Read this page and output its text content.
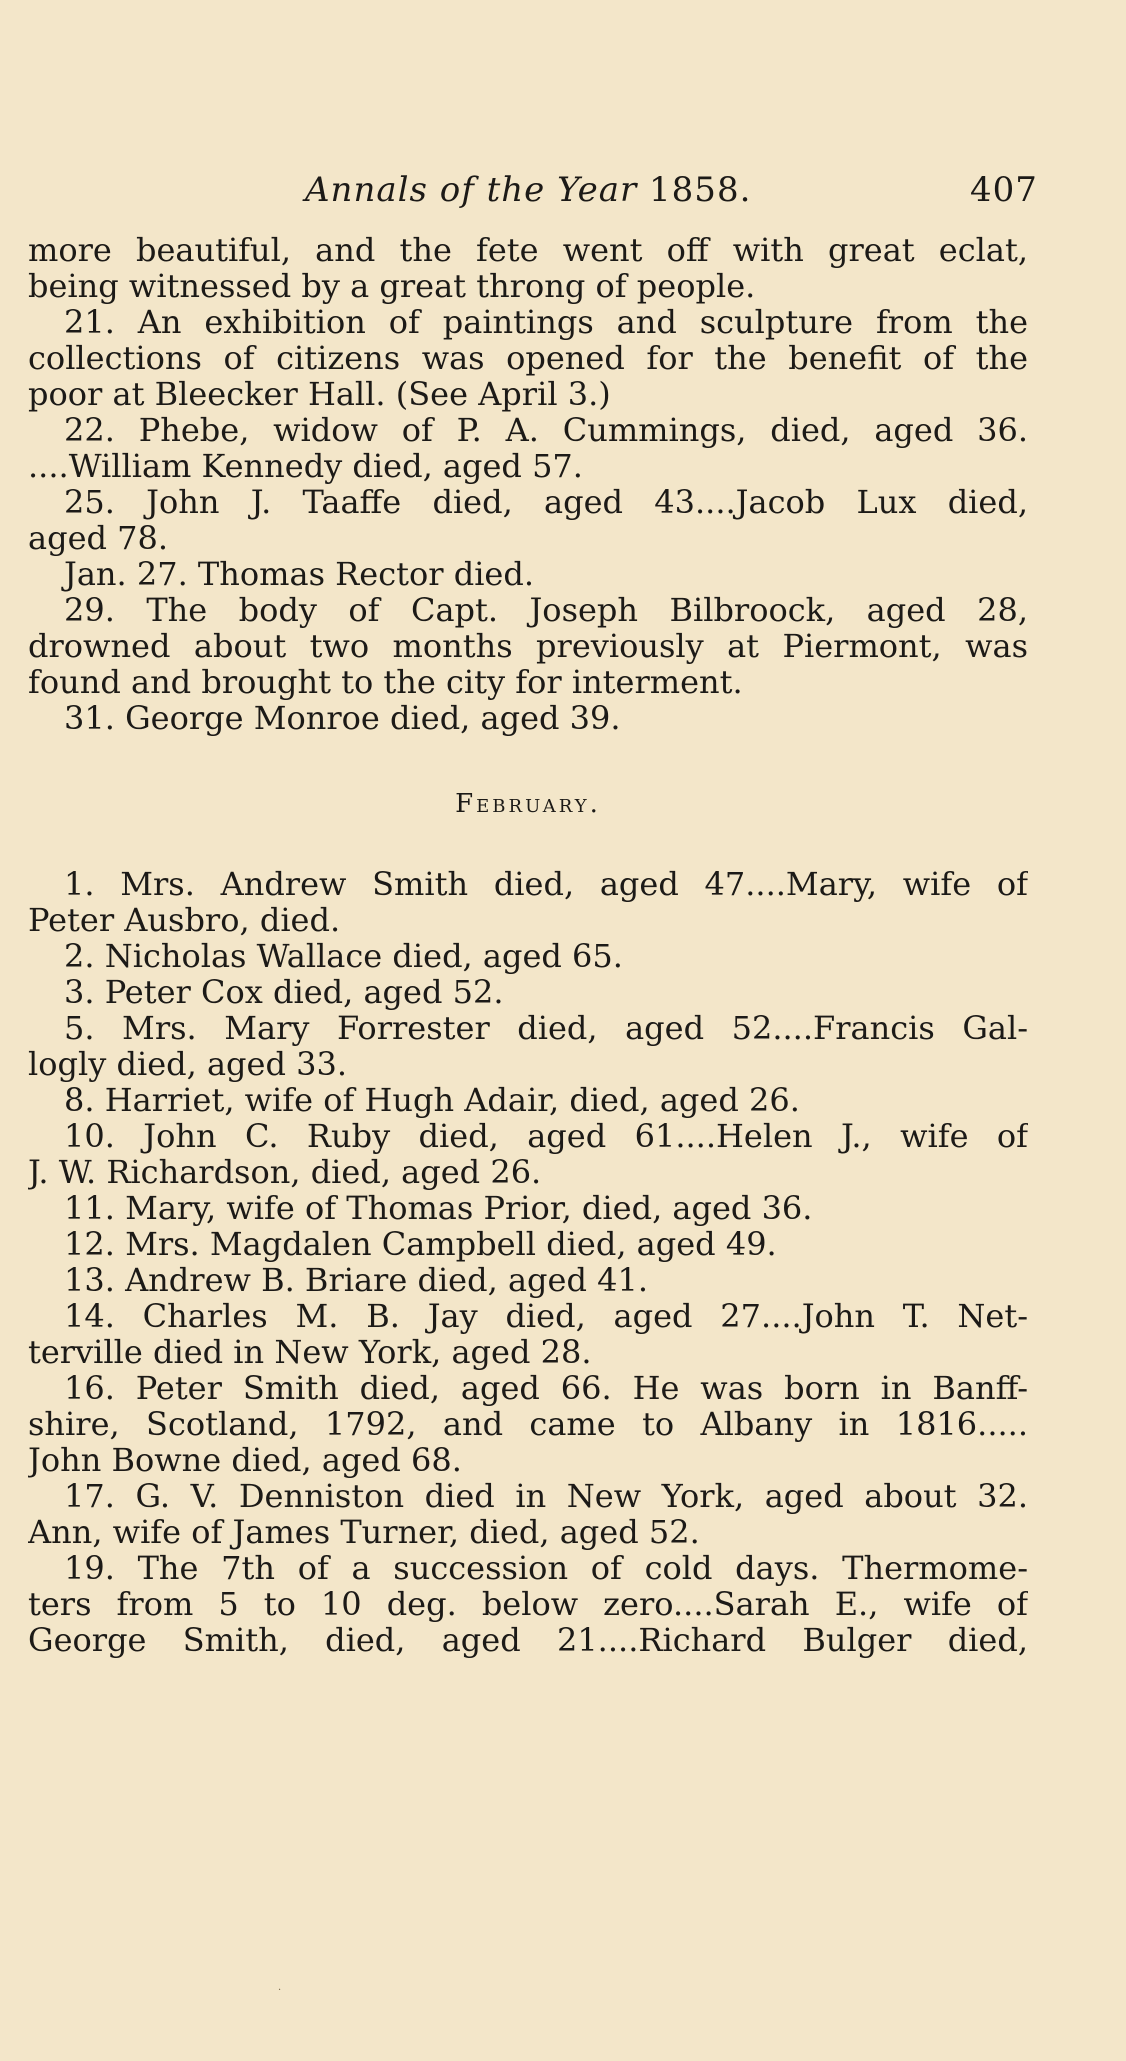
Annals of the Year 1858.	407
more beautiful, and the fete went off with great eclat,
being witnessed by a great throng of people.
21. An exhibition of paintings and sculpture from the
collections of citizens was opened for the benefit of the
poor at Bleecker Hall. (See April 3.)
22. Phebe, widow of P. A. Cummings, died, aged 36.
....William Kennedy died, aged 57.
25. John J. Taaffe died, aged 43....Jacob Lux died,
aged 78.
Jan. 27. Thomas Rector died.
29. The body of Capt. Joseph Bilbroock, aged 28,
drowned about two months previously at Piermont, was
found and brought to the city for interment.
31. George Monroe died, aged 39.
February.
1. Mrs. Andrew Smith died, aged 47....Mary, wife of
Peter Ausbro, died.
2. Nicholas Wallace died, aged 65.
3. Peter Cox died, aged 52.
5. Mrs. Mary Forrester died, aged 52....Francis Gal-
logly died, aged 33.
8. Harriet, wife of Hugh Adair, died, aged 26.
10. John C. Ruby died, aged 61....Helen J., wife of
J. W. Richardson, died, aged 26.
11. Mary, wife of Thomas Prior, died, aged 36.
12. Mrs. Magdalen Campbell died, aged 49.
13. Andrew B. Briare died, aged 41.
14. Charles M. B. Jay died, aged 27....John T. Net-
terville died in New York, aged 28.
16. Peter Smith died, aged 66. He was born in Banff-
shire, Scotland, 1792, and came to Albany in 1816.....
John Bowne died, aged 68.
17. G. V. Denniston died in New York, aged about 32.
Ann, wife of James Turner, died, aged 52.
19. The 7th of a succession of cold days. Thermome-
ters from 5 to 10 deg. below zero....Sarah E., wife of
George Smith, died, aged 21....Richard Bulger died,
·
